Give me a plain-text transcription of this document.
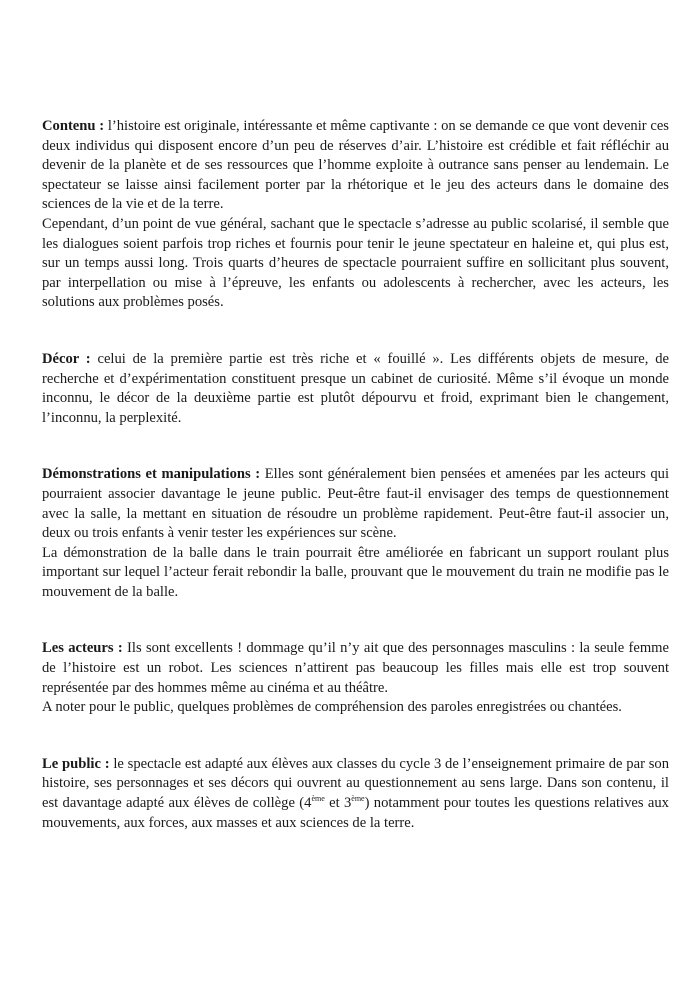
Contenu : l’histoire est originale, intéressante et même captivante : on se demande ce que vont devenir ces deux individus qui disposent encore d’un peu de réserves d’air. L’histoire est crédible et fait réfléchir au devenir de la planète et de ses ressources que l’homme exploite à outrance sans penser au lendemain. Le spectateur se laisse ainsi facilement porter par la rhétorique et le jeu des acteurs dans le domaine des sciences de la vie et de la terre.

Cependant, d’un point de vue général, sachant que le spectacle s’adresse au public scolarisé, il semble que les dialogues soient parfois trop riches et fournis pour tenir le jeune spectateur en haleine et, qui plus est, sur un temps aussi long. Trois quarts d’heures de spectacle pourraient suffire en sollicitant plus souvent, par interpellation ou mise à l’épreuve, les enfants ou adolescents à rechercher, avec les acteurs, les solutions aux problèmes posés.

Décor : celui de la première partie est très riche et « fouillé ». Les différents objets de mesure, de recherche et d’expérimentation constituent presque un cabinet de curiosité. Même s’il évoque un monde inconnu, le décor de la deuxième partie est plutôt dépourvu et froid, exprimant bien le changement, l’inconnu, la perplexité.

Démonstrations et manipulations : Elles sont généralement bien pensées et amenées par les acteurs qui pourraient associer davantage le jeune public. Peut-être faut-il envisager des temps de questionnement avec la salle, la mettant en situation de résoudre un problème rapidement. Peut-être faut-il associer un, deux ou trois enfants à venir tester les expériences sur scène.

La démonstration de la balle dans le train pourrait être améliorée en fabricant un support roulant plus important sur lequel l’acteur ferait rebondir la balle, prouvant que le mouvement du train ne modifie pas le mouvement de la balle.

Les acteurs : Ils sont excellents ! dommage qu’il n’y ait que des personnages masculins : la seule femme de l’histoire est un robot. Les sciences n’attirent pas beaucoup les filles mais elle est trop souvent représentée par des hommes même au cinéma et au théâtre.

A noter pour le public, quelques problèmes de compréhension des paroles enregistrées ou chantées.

Le public : le spectacle est adapté aux élèves aux classes du cycle 3 de l’enseignement primaire de par son histoire, ses personnages et ses décors qui ouvrent au questionnement au sens large. Dans son contenu, il est davantage adapté aux élèves de collège (4ème et 3ème) notamment pour toutes les questions relatives aux mouvements, aux forces, aux masses et aux sciences de la terre.
